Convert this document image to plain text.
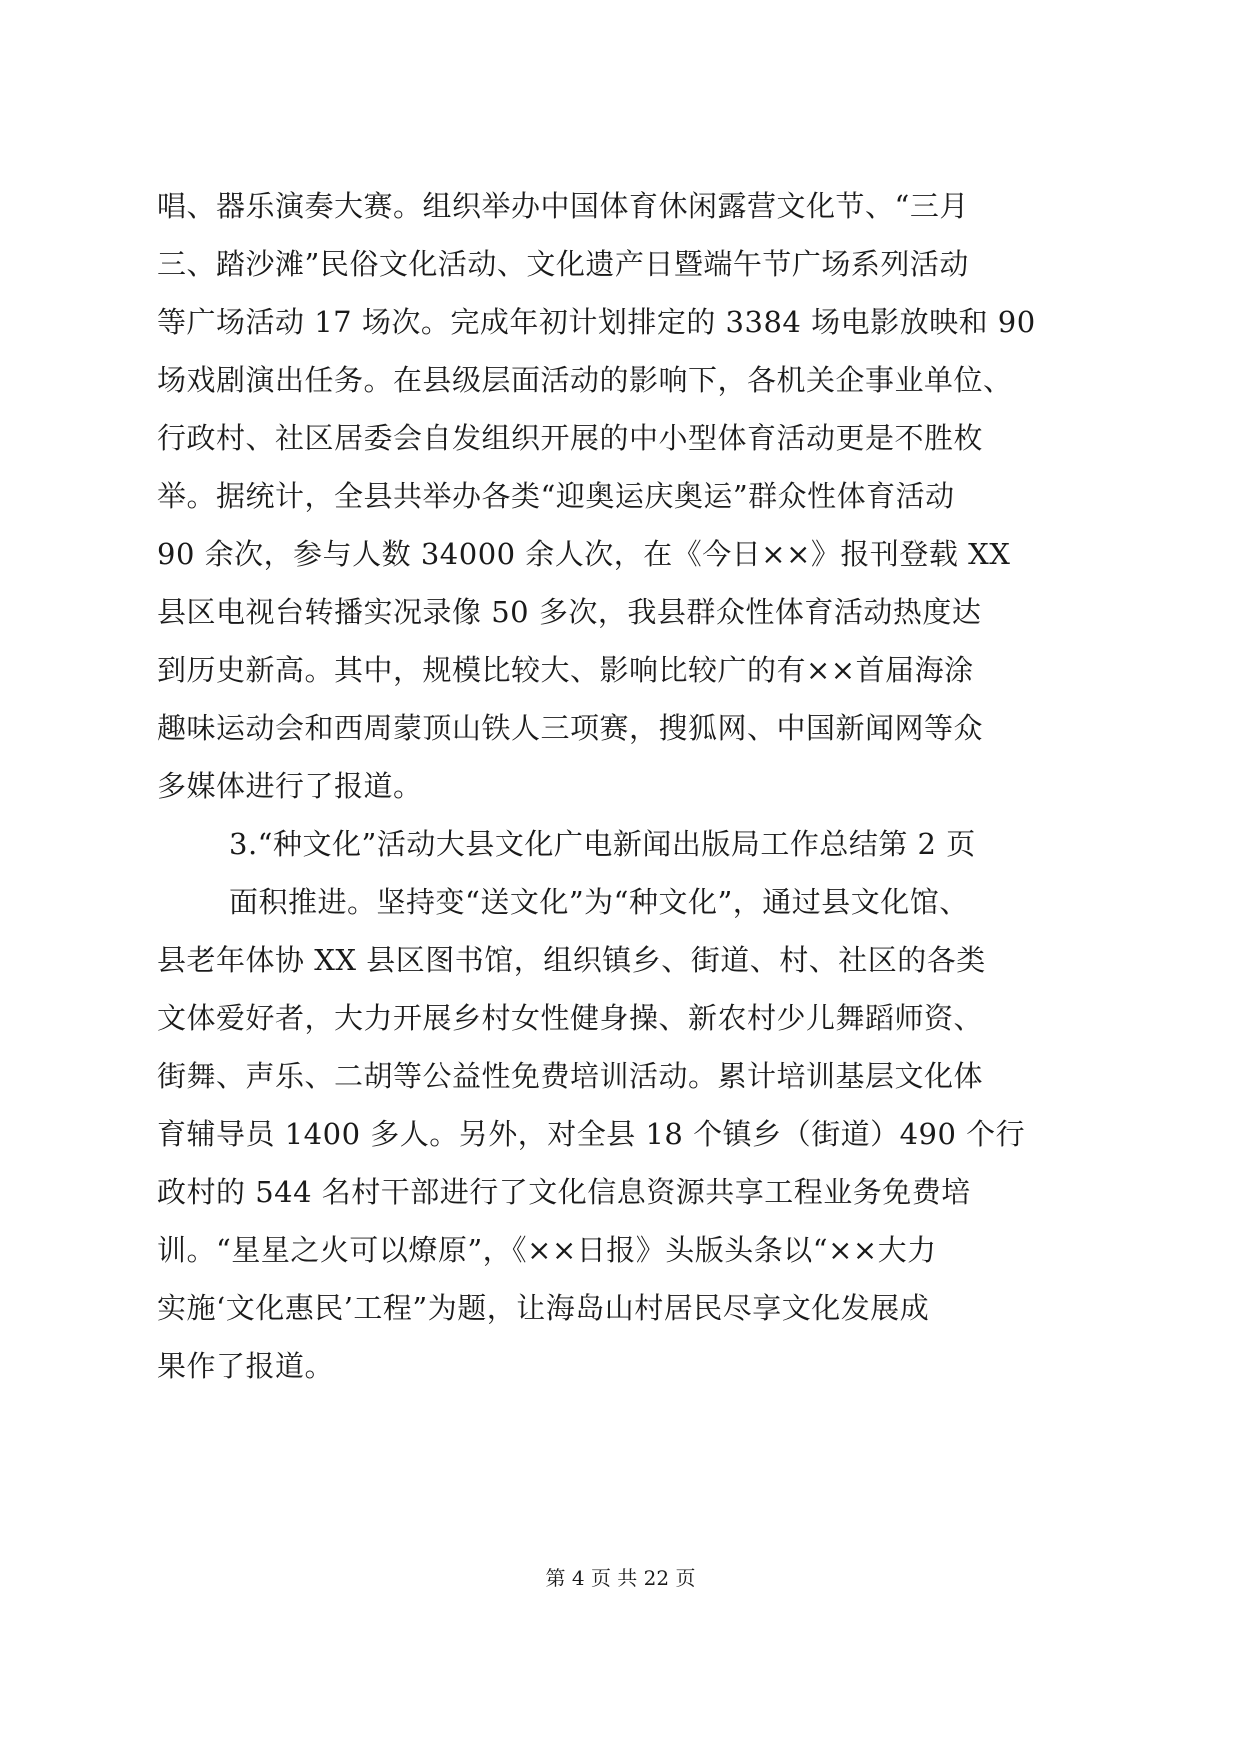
唱、器乐演奏大赛。组织举办中国体育休闲露营文化节、“三月
三、踏沙滩”民俗文化活动、文化遗产日暨端午节广场系列活动
等广场活动 17 场次。完成年初计划排定的 3384 场电影放映和 90
场戏剧演出任务。在县级层面活动的影响下，各机关企事业单位、
行政村、社区居委会自发组织开展的中小型体育活动更是不胜枚
举。据统计，全县共举办各类“迎奥运庆奥运”群众性体育活动
90 余次，参与人数 34000 余人次，在《今日××》报刊登载 XX
县区电视台转播实况录像 50 多次，我县群众性体育活动热度达
到历史新高。其中，规模比较大、影响比较广的有××首届海涂
趣味运动会和西周蒙顶山铁人三项赛，搜狐网、中国新闻网等众
多媒体进行了报道。
3.“种文化”活动大县文化广电新闻出版局工作总结第 2 页
面积推进。坚持变“送文化”为“种文化”，通过县文化馆、
县老年体协 XX 县区图书馆，组织镇乡、街道、村、社区的各类
文体爱好者，大力开展乡村女性健身操、新农村少儿舞蹈师资、
街舞、声乐、二胡等公益性免费培训活动。累计培训基层文化体
育辅导员 1400 多人。另外，对全县 18 个镇乡（街道）490 个行
政村的 544 名村干部进行了文化信息资源共享工程业务免费培
训。“星星之火可以燎原”，《××日报》头版头条以“××大力
实施‘文化惠民’工程”为题，让海岛山村居民尽享文化发展成
果作了报道。
第 4 页 共 22 页
